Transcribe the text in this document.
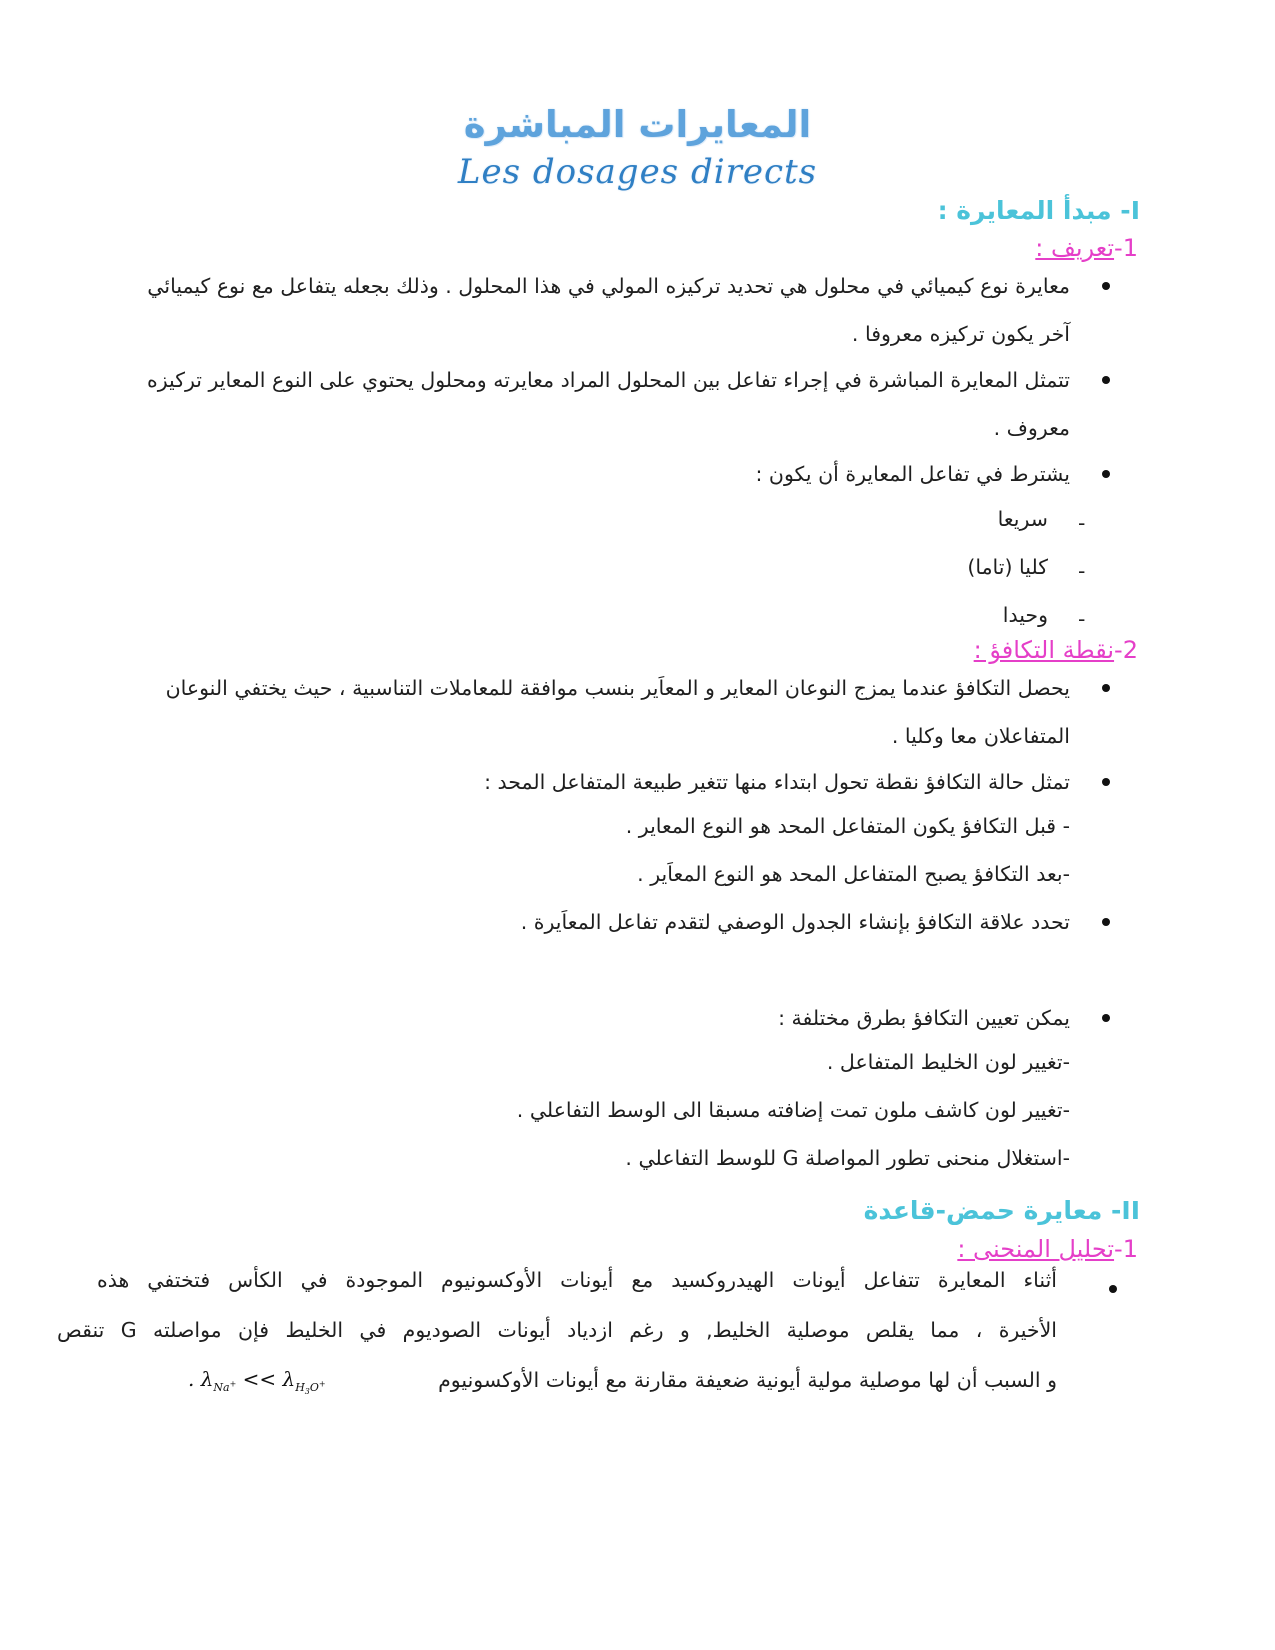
المعايرات المباشرة
Les dosages directs
I- مبدأ المعايرة :
1-تعريف :
معايرة نوع كيميائي في محلول هي تحديد تركيزه المولي في هذا المحلول . وذلك بجعله يتفاعل مع نوع كيميائي آخر يكون تركيزه معروفا .
تتمثل المعايرة المباشرة في إجراء تفاعل بين المحلول المراد معايرته ومحلول يحتوي على النوع المعاير تركيزه معروف .
يشترط في تفاعل المعايرة أن يكون :
-
سريعا
-
كليا (تاما)
-
وحيدا
2-نقطة التكافؤ :
يحصل التكافؤ عندما يمزج النوعان المعاير و المعاَير بنسب موافقة للمعاملات التناسبية ، حيث يختفي النوعان المتفاعلان معا وكليا .
تمثل حالة التكافؤ نقطة تحول ابتداء منها تتغير طبيعة المتفاعل المحد :
- قبل التكافؤ يكون المتفاعل المحد هو النوع المعاير .
-بعد التكافؤ يصبح المتفاعل المحد هو النوع المعاَير .
تحدد علاقة التكافؤ بإنشاء الجدول الوصفي لتقدم تفاعل المعاَيرة .
يمكن تعيين التكافؤ بطرق مختلفة :
-تغيير لون الخليط المتفاعل .
-تغيير لون كاشف ملون تمت إضافته مسبقا الى الوسط التفاعلي .
-استغلال منحنى تطور المواصلة G للوسط التفاعلي .
II- معايرة حمض-قاعدة
1-تحليل المنحنى :
أثناء المعايرة تتفاعل أيونات الهيدروكسيد مع أيونات الأوكسونيوم الموجودة في الكأس فتختفي هذه
الأخيرة ، مما يقلص موصلية الخليط, و رغم ازدياد أيونات الصوديوم في الخليط فإن مواصلته G تنقص
و السبب أن لها موصلية مولية أيونية ضعيفة مقارنة مع أيونات الأوكسونيوم
. $\lambda_{Na^+} << \lambda_{H_3O^+}$
